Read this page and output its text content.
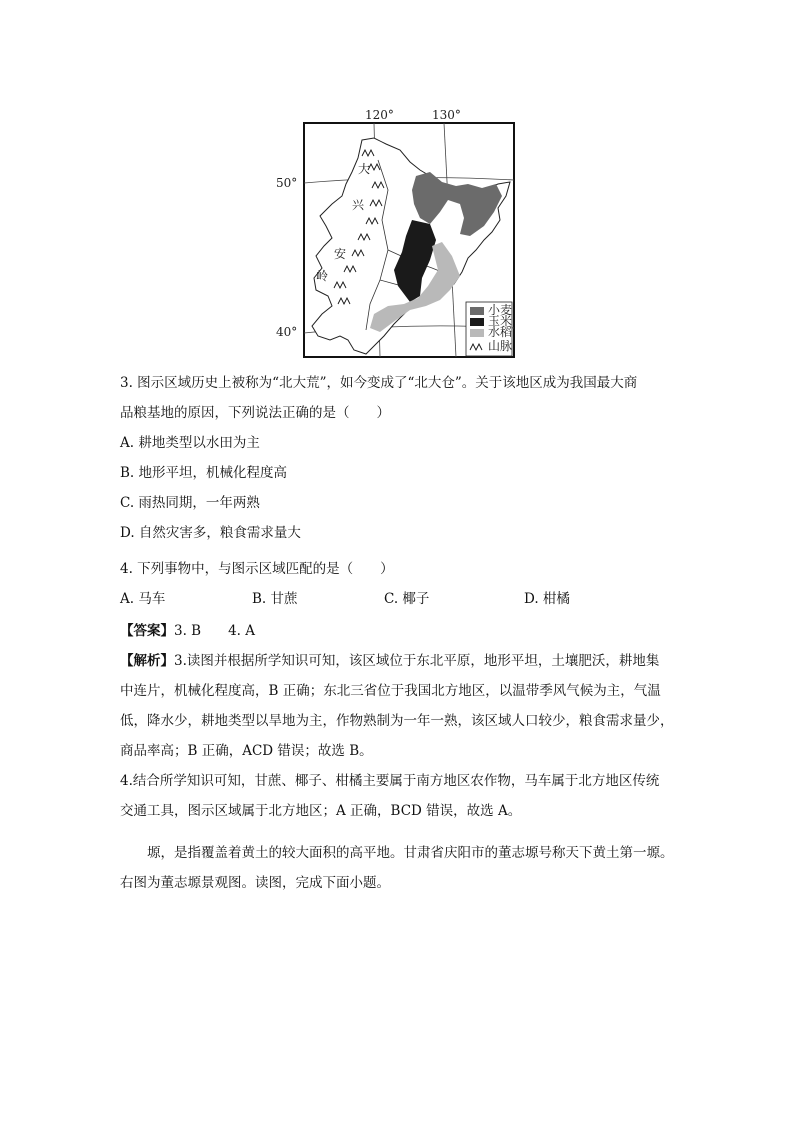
120°	130°
50°
40°
大
兴
安
岭
小麦
玉米
水稻
山脉
3. 图示区域历史上被称为“北大荒”，如今变成了“北大仓”。关于该地区成为我国最大商
品粮基地的原因，下列说法正确的是（　　）
A. 耕地类型以水田为主
B. 地形平坦，机械化程度高
C. 雨热同期，一年两熟
D. 自然灾害多，粮食需求量大
4. 下列事物中，与图示区域匹配的是（　　）
A. 马车	B. 甘蔗	C. 椰子	D. 柑橘
【答案】3. B　　4. A
【解析】3.读图并根据所学知识可知，该区域位于东北平原，地形平坦，土壤肥沃，耕地集
中连片，机械化程度高，B 正确；东北三省位于我国北方地区，以温带季风气候为主，气温
低，降水少，耕地类型以旱地为主，作物熟制为一年一熟，该区域人口较少，粮食需求量少，
商品率高；B 正确，ACD 错误；故选 B。
4.结合所学知识可知，甘蔗、椰子、柑橘主要属于南方地区农作物，马车属于北方地区传统
交通工具，图示区域属于北方地区；A 正确，BCD 错误，故选 A。
塬，是指覆盖着黄土的较大面积的高平地。甘肃省庆阳市的董志塬号称天下黄土第一塬。
右图为董志塬景观图。读图，完成下面小题。
